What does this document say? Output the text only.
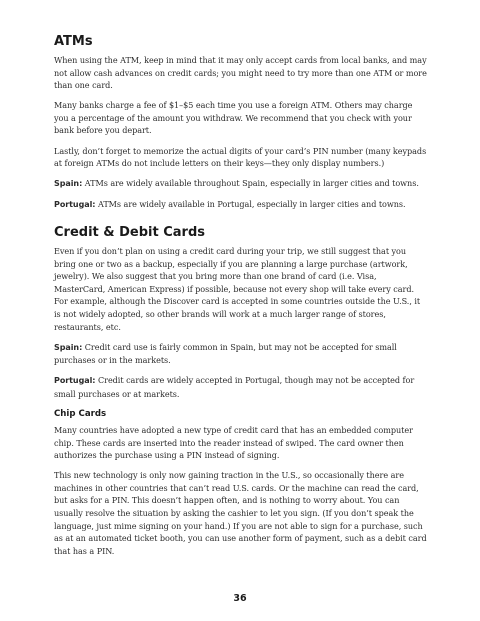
ATMs

When using the ATM, keep in mind that it may only accept cards from local banks, and may not allow cash advances on credit cards; you might need to try more than one ATM or more than one card.

Many banks charge a fee of $1–$5 each time you use a foreign ATM. Others may charge you a percentage of the amount you withdraw. We recommend that you check with your bank before you depart.

Lastly, don’t forget to memorize the actual digits of your card’s PIN number (many keypads at foreign ATMs do not include letters on their keys—they only display numbers.)

Spain: ATMs are widely available throughout Spain, especially in larger cities and towns.

Portugal: ATMs are widely available in Portugal, especially in larger cities and towns.

Credit & Debit Cards

Even if you don’t plan on using a credit card during your trip, we still suggest that you bring one or two as a backup, especially if you are planning a large purchase (artwork, jewelry). We also suggest that you bring more than one brand of card (i.e. Visa, MasterCard, American Express) if possible, because not every shop will take every card. For example, although the Discover card is accepted in some countries outside the U.S., it is not widely adopted, so other brands will work at a much larger range of stores, restaurants, etc.

Spain: Credit card use is fairly common in Spain, but may not be accepted for small purchases or in the markets.

Portugal: Credit cards are widely accepted in Portugal, though may not be accepted for small purchases or at markets.

Chip Cards

Many countries have adopted a new type of credit card that has an embedded computer chip. These cards are inserted into the reader instead of swiped. The card owner then authorizes the purchase using a PIN instead of signing.

This new technology is only now gaining traction in the U.S., so occasionally there are machines in other countries that can’t read U.S. cards. Or the machine can read the card, but asks for a PIN. This doesn’t happen often, and is nothing to worry about. You can usually resolve the situation by asking the cashier to let you sign. (If you don’t speak the language, just mime signing on your hand.) If you are not able to sign for a purchase, such as at an automated ticket booth, you can use another form of payment, such as a debit card that has a PIN.

36
